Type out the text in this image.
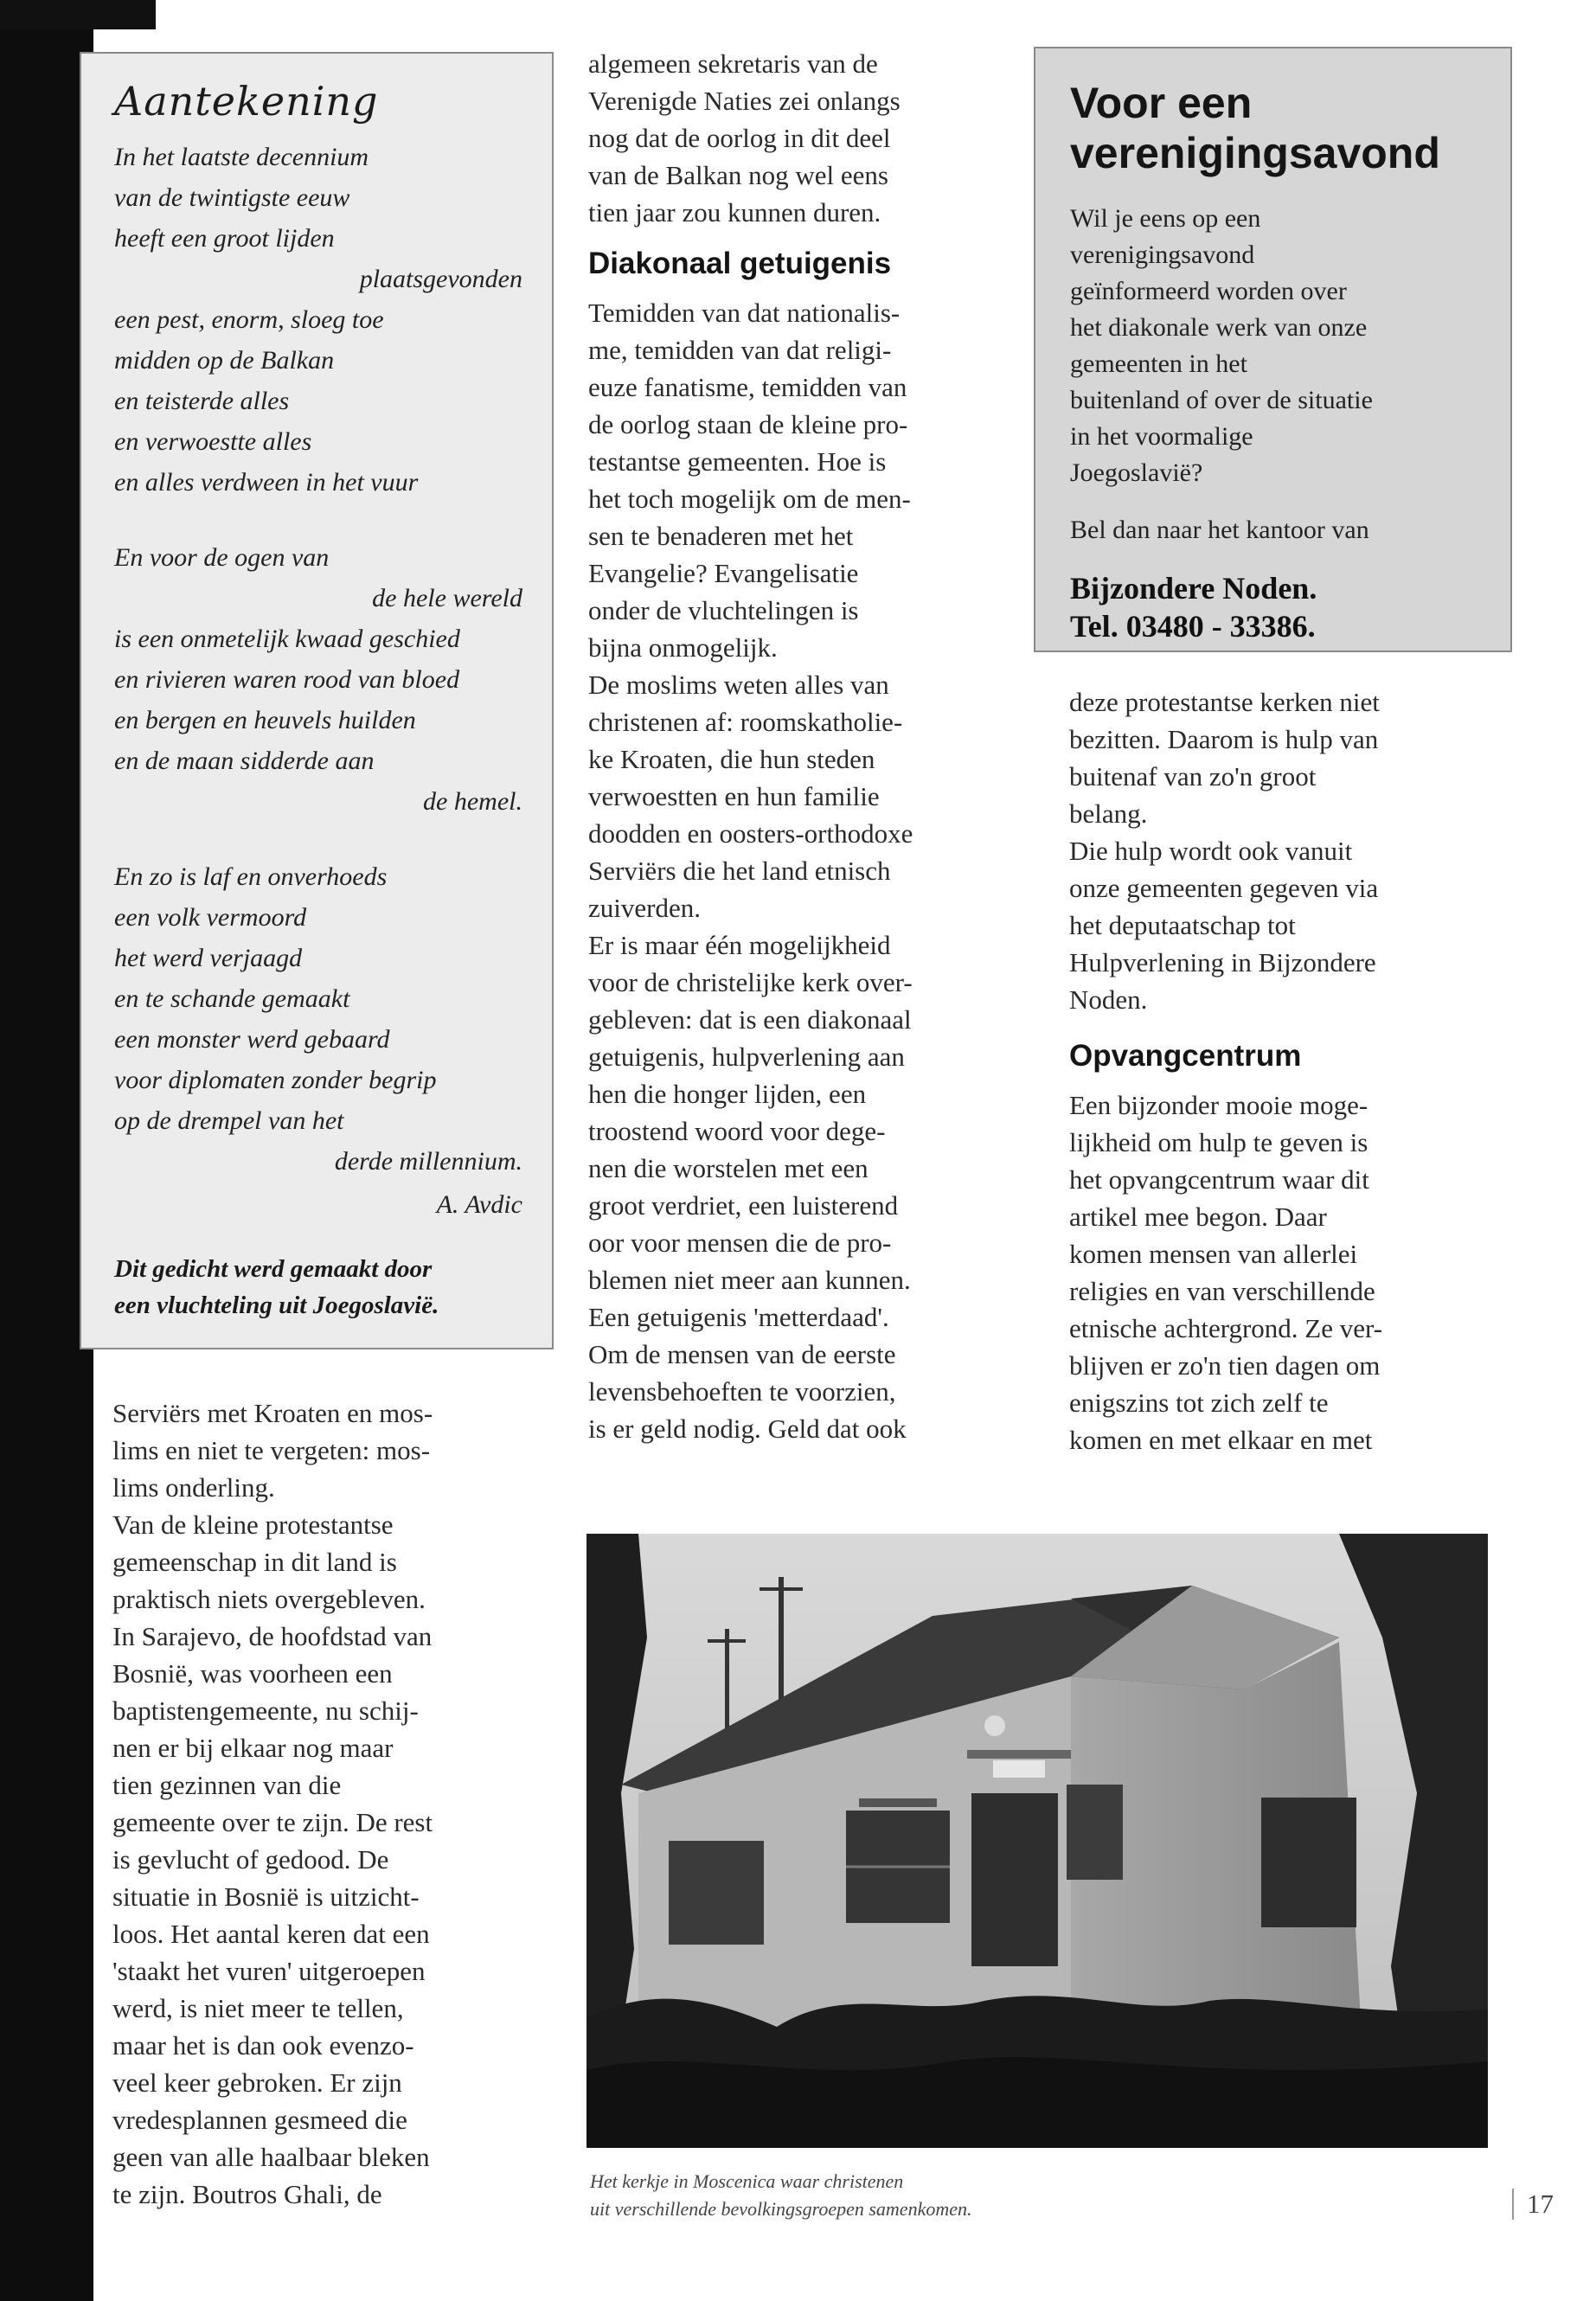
Aantekening
In het laatste decennium
van de twintigste eeuw
heeft een groot lijden
plaatsgevonden
een pest, enorm, sloeg toe
midden op de Balkan
en teisterde alles
en verwoestte alles
en alles verdween in het vuur
En voor de ogen van
de hele wereld
is een onmetelijk kwaad geschied
en rivieren waren rood van bloed
en bergen en heuvels huilden
en de maan sidderde aan
de hemel.
En zo is laf en onverhoeds
een volk vermoord
het werd verjaagd
en te schande gemaakt
een monster werd gebaard
voor diplomaten zonder begrip
op de drempel van het
derde millennium.
A. Avdic
Dit gedicht werd gemaakt door
een vluchteling uit Joegoslavië.
Serviërs met Kroaten en mos-
lims en niet te vergeten: mos-
lims onderling.
Van de kleine protestantse
gemeenschap in dit land is
praktisch niets overgebleven.
In Sarajevo, de hoofdstad van
Bosnië, was voorheen een
baptistengemeente, nu schij-
nen er bij elkaar nog maar
tien gezinnen van die
gemeente over te zijn. De rest
is gevlucht of gedood. De
situatie in Bosnië is uitzicht-
loos. Het aantal keren dat een
'staakt het vuren' uitgeroepen
werd, is niet meer te tellen,
maar het is dan ook evenzo-
veel keer gebroken. Er zijn
vredesplannen gesmeed die
geen van alle haalbaar bleken
te zijn. Boutros Ghali, de
algemeen sekretaris van de
Verenigde Naties zei onlangs
nog dat de oorlog in dit deel
van de Balkan nog wel eens
tien jaar zou kunnen duren.
Diakonaal getuigenis
Temidden van dat nationalis-
me, temidden van dat religi-
euze fanatisme, temidden van
de oorlog staan de kleine pro-
testantse gemeenten. Hoe is
het toch mogelijk om de men-
sen te benaderen met het
Evangelie? Evangelisatie
onder de vluchtelingen is
bijna onmogelijk.
De moslims weten alles van
christenen af: roomskatholie-
ke Kroaten, die hun steden
verwoestten en hun familie
doodden en oosters-orthodoxe
Serviërs die het land etnisch
zuiverden.
Er is maar één mogelijkheid
voor de christelijke kerk over-
gebleven: dat is een diakonaal
getuigenis, hulpverlening aan
hen die honger lijden, een
troostend woord voor dege-
nen die worstelen met een
groot verdriet, een luisterend
oor voor mensen die de pro-
blemen niet meer aan kunnen.
Een getuigenis 'metterdaad'.
Om de mensen van de eerste
levensbehoeften te voorzien,
is er geld nodig. Geld dat ook
Voor een
verenigingsavond
Wil je eens op een
verenigingsavond
geïnformeerd worden over
het diakonale werk van onze
gemeenten in het
buitenland of over de situatie
in het voormalige
Joegoslavië?
Bel dan naar het kantoor van
Bijzondere Noden.
Tel. 03480 - 33386.
deze protestantse kerken niet
bezitten. Daarom is hulp van
buitenaf van zo'n groot
belang.
Die hulp wordt ook vanuit
onze gemeenten gegeven via
het deputaatschap tot
Hulpverlening in Bijzondere
Noden.
Opvangcentrum
Een bijzonder mooie moge-
lijkheid om hulp te geven is
het opvangcentrum waar dit
artikel mee begon. Daar
komen mensen van allerlei
religies en van verschillende
etnische achtergrond. Ze ver-
blijven er zo'n tien dagen om
enigszins tot zich zelf te
komen en met elkaar en met
Het kerkje in Moscenica waar christenen
uit verschillende bevolkingsgroepen samenkomen.	17
